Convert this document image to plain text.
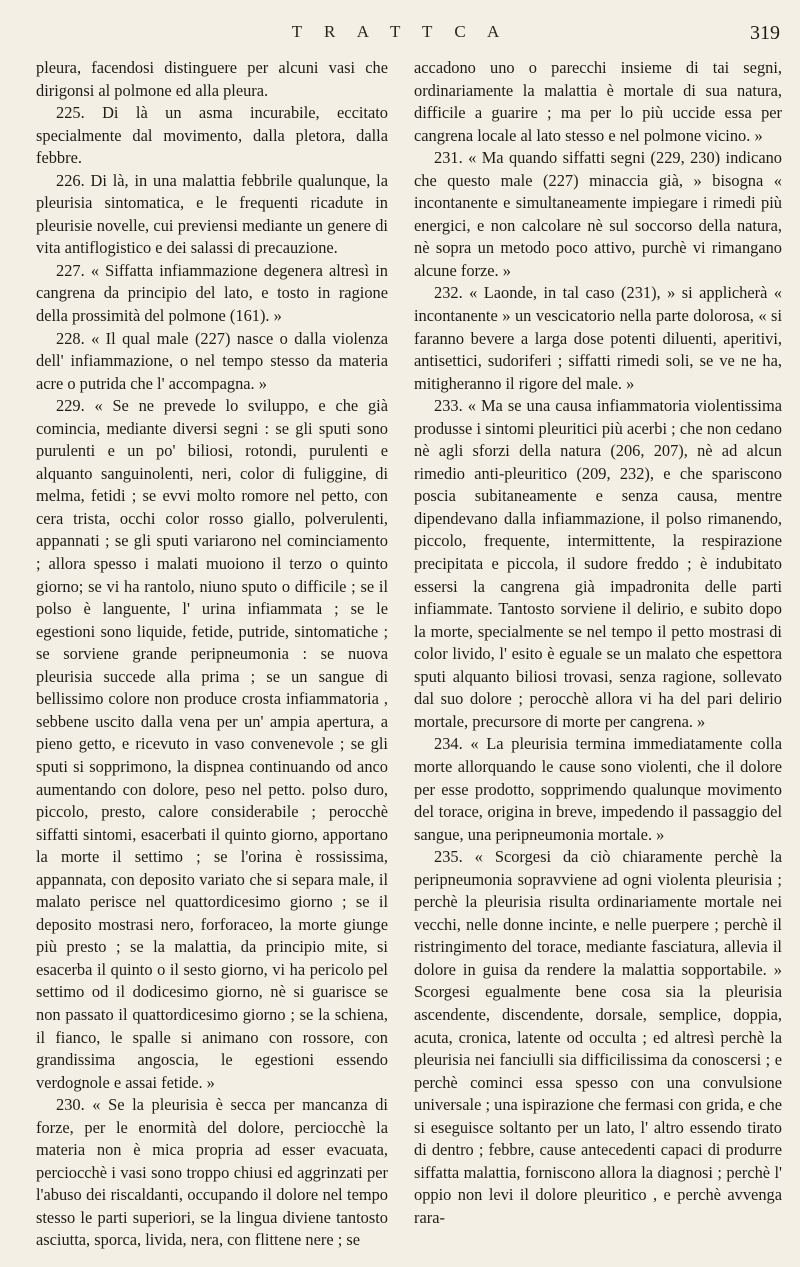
T R A T T C A	319

pleura, facendosi distinguere per alcuni vasi che dirigonsi al polmone ed alla pleura.

225. Di là un asma incurabile, eccitato specialmente dal movimento, dalla pletora, dalla febbre.

226. Di là, in una malattia febbrile qualunque, la pleurisia sintomatica, e le frequenti ricadute in pleurisie novelle, cui previensi mediante un genere di vita antiflogistico e dei salassi di precauzione.

227. « Siffatta infiammazione degenera altresì in cangrena da principio del lato, e tosto in ragione della prossimità del polmone (161). »

228. « Il qual male (227) nasce o dalla violenza dell' infiammazione, o nel tempo stesso da materia acre o putrida che l' accompagna. »

229. « Se ne prevede lo sviluppo, e che già comincia, mediante diversi segni : se gli sputi sono purulenti e un po' biliosi, rotondi, purulenti e alquanto sanguinolenti, neri, color di fuliggine, di melma, fetidi ; se evvi molto romore nel petto, con cera trista, occhi color rosso giallo, polverulenti, appannati ; se gli sputi variarono nel cominciamento ; allora spesso i malati muoiono il terzo o quinto giorno; se vi ha rantolo, niuno sputo o difficile ; se il polso è languente, l' urina infiammata ; se le egestioni sono liquide, fetide, putride, sintomatiche ; se sorviene grande peripneumonia : se nuova pleurisia succede alla prima ; se un sangue di bellissimo colore non produce crosta infiammatoria , sebbene uscito dalla vena per un' ampia apertura, a pieno getto, e ricevuto in vaso convenevole ; se gli sputi si sopprimono, la dispnea continuando od anco aumentando con dolore, peso nel petto. polso duro, piccolo, presto, calore considerabile ; perocchè siffatti sintomi, esacerbati il quinto giorno, apportano la morte il settimo ; se l'orina è rossissima, appannata, con deposito variato che si separa male, il malato perisce nel quattordicesimo giorno ; se il deposito mostrasi nero, forforaceo, la morte giunge più presto ; se la malattia, da principio mite, si esacerba il quinto o il sesto giorno, vi ha pericolo pel settimo od il dodicesimo giorno, nè si guarisce se non passato il quattordicesimo giorno ; se la schiena, il fianco, le spalle si animano con rossore, con grandissima angoscia, le egestioni essendo verdognole e assai fetide. »

230. « Se la pleurisia è secca per mancanza di forze, per le enormità del dolore, perciocchè la materia non è mica propria ad esser evacuata, perciocchè i vasi sono troppo chiusi ed aggrinzati per l'abuso dei riscaldanti, occupando il dolore nel tempo stesso le parti superiori, se la lingua diviene tantosto asciutta, sporca, livida, nera, con flittene nere ; se

accadono uno o parecchi insieme di tai segni, ordinariamente la malattia è mortale di sua natura, difficile a guarire ; ma per lo più uccide essa per cangrena locale al lato stesso e nel polmone vicino. »

231. « Ma quando siffatti segni (229, 230) indicano che questo male (227) minaccia già, » bisogna « incontanente e simultaneamente impiegare i rimedi più energici, e non calcolare nè sul soccorso della natura, nè sopra un metodo poco attivo, purchè vi rimangano alcune forze. »

232. « Laonde, in tal caso (231), » si applicherà « incontanente » un vescicatorio nella parte dolorosa, « si faranno bevere a larga dose potenti diluenti, aperitivi, antisettici, sudoriferi ; siffatti rimedi soli, se ve ne ha, mitigheranno il rigore del male. »

233. « Ma se una causa infiammatoria violentissima produsse i sintomi pleuritici più acerbi ; che non cedano nè agli sforzi della natura (206, 207), nè ad alcun rimedio anti-pleuritico (209, 232), e che spariscono poscia subitaneamente e senza causa, mentre dipendevano dalla infiammazione, il polso rimanendo, piccolo, frequente, intermittente, la respirazione precipitata e piccola, il sudore freddo ; è indubitato essersi la cangrena già impadronita delle parti infiammate. Tantosto sorviene il delirio, e subito dopo la morte, specialmente se nel tempo il petto mostrasi di color livido, l' esito è eguale se un malato che espettora sputi alquanto biliosi trovasi, senza ragione, sollevato dal suo dolore ; perocchè allora vi ha del pari delirio mortale, precursore di morte per cangrena. »

234. « La pleurisia termina immediatamente colla morte allorquando le cause sono violenti, che il dolore per esse prodotto, sopprimendo qualunque movimento del torace, origina in breve, impedendo il passaggio del sangue, una peripneumonia mortale. »

235. « Scorgesi da ciò chiaramente perchè la peripneumonia sopravviene ad ogni violenta pleurisia ; perchè la pleurisia risulta ordinariamente mortale nei vecchi, nelle donne incinte, e nelle puerpere ; perchè il ristringimento del torace, mediante fasciatura, allevia il dolore in guisa da rendere la malattia sopportabile. » Scorgesi egualmente bene cosa sia la pleurisia ascendente, discendente, dorsale, semplice, doppia, acuta, cronica, latente od occulta ; ed altresì perchè la pleurisia nei fanciulli sia difficilissima da conoscersi ; e perchè cominci essa spesso con una convulsione universale ; una ispirazione che fermasi con grida, e che si eseguisce soltanto per un lato, l' altro essendo tirato di dentro ; febbre, cause antecedenti capaci di produrre siffatta malattia, forniscono allora la diagnosi ; perchè l' oppio non levi il dolore pleuritico , e perchè avvenga rara-
